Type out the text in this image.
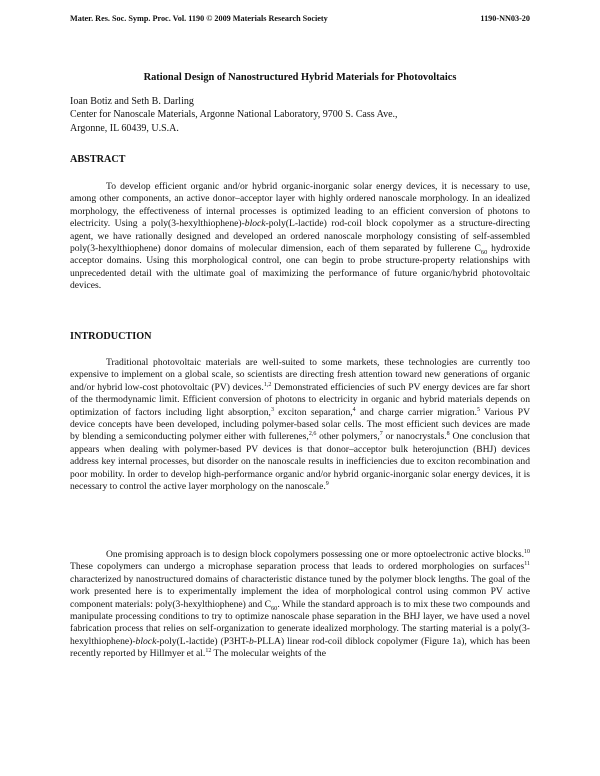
Mater. Res. Soc. Symp. Proc. Vol. 1190 © 2009 Materials Research Society	1190-NN03-20
Rational Design of Nanostructured Hybrid Materials for Photovoltaics
Ioan Botiz and Seth B. Darling
Center for Nanoscale Materials, Argonne National Laboratory, 9700 S. Cass Ave.,
Argonne, IL 60439, U.S.A.
ABSTRACT

To develop efficient organic and/or hybrid organic-inorganic solar energy devices, it is necessary to use, among other components, an active donor–acceptor layer with highly ordered nanoscale morphology. In an idealized morphology, the effectiveness of internal processes is optimized leading to an efficient conversion of photons to electricity. Using a poly(3-hexylthiophene)-block-poly(L-lactide) rod-coil block copolymer as a structure-directing agent, we have rationally designed and developed an ordered nanoscale morphology consisting of self-assembled poly(3-hexylthiophene) donor domains of molecular dimension, each of them separated by fullerene $C_{60}$ hydroxide acceptor domains. Using this morphological control, one can begin to probe structure-property relationships with unprecedented detail with the ultimate goal of maximizing the performance of future organic/hybrid photovoltaic devices.

INTRODUCTION

Traditional photovoltaic materials are well-suited to some markets, these technologies are currently too expensive to implement on a global scale, so scientists are directing fresh attention toward new generations of organic and/or hybrid low-cost photovoltaic (PV) devices.$^{1,2}$ Demonstrated efficiencies of such PV energy devices are far short of the thermodynamic limit. Efficient conversion of photons to electricity in organic and hybrid materials depends on optimization of factors including light absorption,$^3$ exciton separation,$^4$ and charge carrier migration.$^5$ Various PV device concepts have been developed, including polymer-based solar cells. The most efficient such devices are made by blending a semiconducting polymer either with fullerenes,$^{2,6}$ other polymers,$^7$ or nanocrystals.$^8$ One conclusion that appears when dealing with polymer-based PV devices is that donor–acceptor bulk heterojunction (BHJ) devices address key internal processes, but disorder on the nanoscale results in inefficiencies due to exciton recombination and poor mobility. In order to develop high-performance organic and/or hybrid organic-inorganic solar energy devices, it is necessary to control the active layer morphology on the nanoscale.$^9$

One promising approach is to design block copolymers possessing one or more optoelectronic active blocks.$^{10}$ These copolymers can undergo a microphase separation process that leads to ordered morphologies on surfaces$^{11}$ characterized by nanostructured domains of characteristic distance tuned by the polymer block lengths. The goal of the work presented here is to experimentally implement the idea of morphological control using common PV active component materials: poly(3-hexylthiophene) and $C_{60}$. While the standard approach is to mix these two compounds and manipulate processing conditions to try to optimize nanoscale phase separation in the BHJ layer, we have used a novel fabrication process that relies on self-organization to generate idealized morphology. The starting material is a poly(3-hexylthiophene)-block-poly(L-lactide) (P3HT-b-PLLA) linear rod-coil diblock copolymer (Figure 1a), which has been recently reported by Hillmyer et al.$^{12}$ The molecular weights of the
